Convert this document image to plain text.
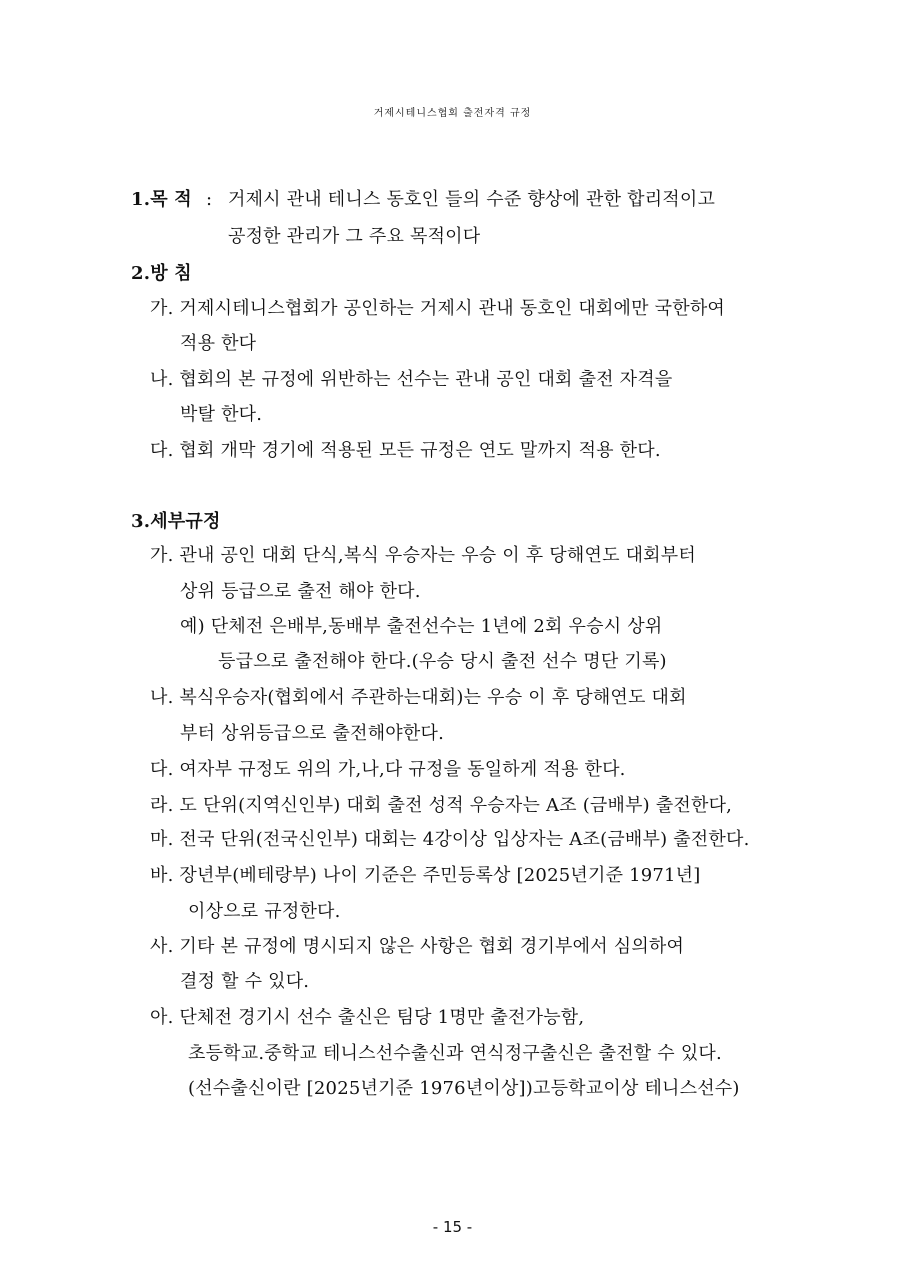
거제시테니스협회 출전자격 규정
1.목 적 : 거제시 관내 테니스 동호인 들의 수준 향상에 관한 합리적이고
공정한 관리가 그 주요 목적이다
2.방 침
가. 거제시테니스협회가 공인하는 거제시 관내 동호인 대회에만 국한하여
적용 한다
나. 협회의 본 규정에 위반하는 선수는 관내 공인 대회 출전 자격을
박탈 한다.
다. 협회 개막 경기에 적용된 모든 규정은 연도 말까지 적용 한다.
3.세부규정
가. 관내 공인 대회 단식,복식 우승자는 우승 이 후 당해연도 대회부터
상위 등급으로 출전 해야 한다.
예) 단체전 은배부,동배부 출전선수는 1년에 2회 우승시 상위
등급으로 출전해야 한다.(우승 당시 출전 선수 명단 기록)
나. 복식우승자(협회에서 주관하는대회)는 우승 이 후 당해연도 대회
부터 상위등급으로 출전해야한다.
다. 여자부 규정도 위의 가,나,다 규정을 동일하게 적용 한다.
라. 도 단위(지역신인부) 대회 출전 성적 우승자는 A조 (금배부) 출전한다,
마. 전국 단위(전국신인부) 대회는 4강이상 입상자는 A조(금배부) 출전한다.
바. 장년부(베테랑부) 나이 기준은 주민등록상 [2025년기준 1971년]
이상으로 규정한다.
사. 기타 본 규정에 명시되지 않은 사항은 협회 경기부에서 심의하여
결정 할 수 있다.
아. 단체전 경기시 선수 출신은 팀당 1명만 출전가능함,
초등학교.중학교 테니스선수출신과 연식정구출신은 출전할 수 있다.
(선수출신이란 [2025년기준 1976년이상])고등학교이상 테니스선수)
- 15 -
